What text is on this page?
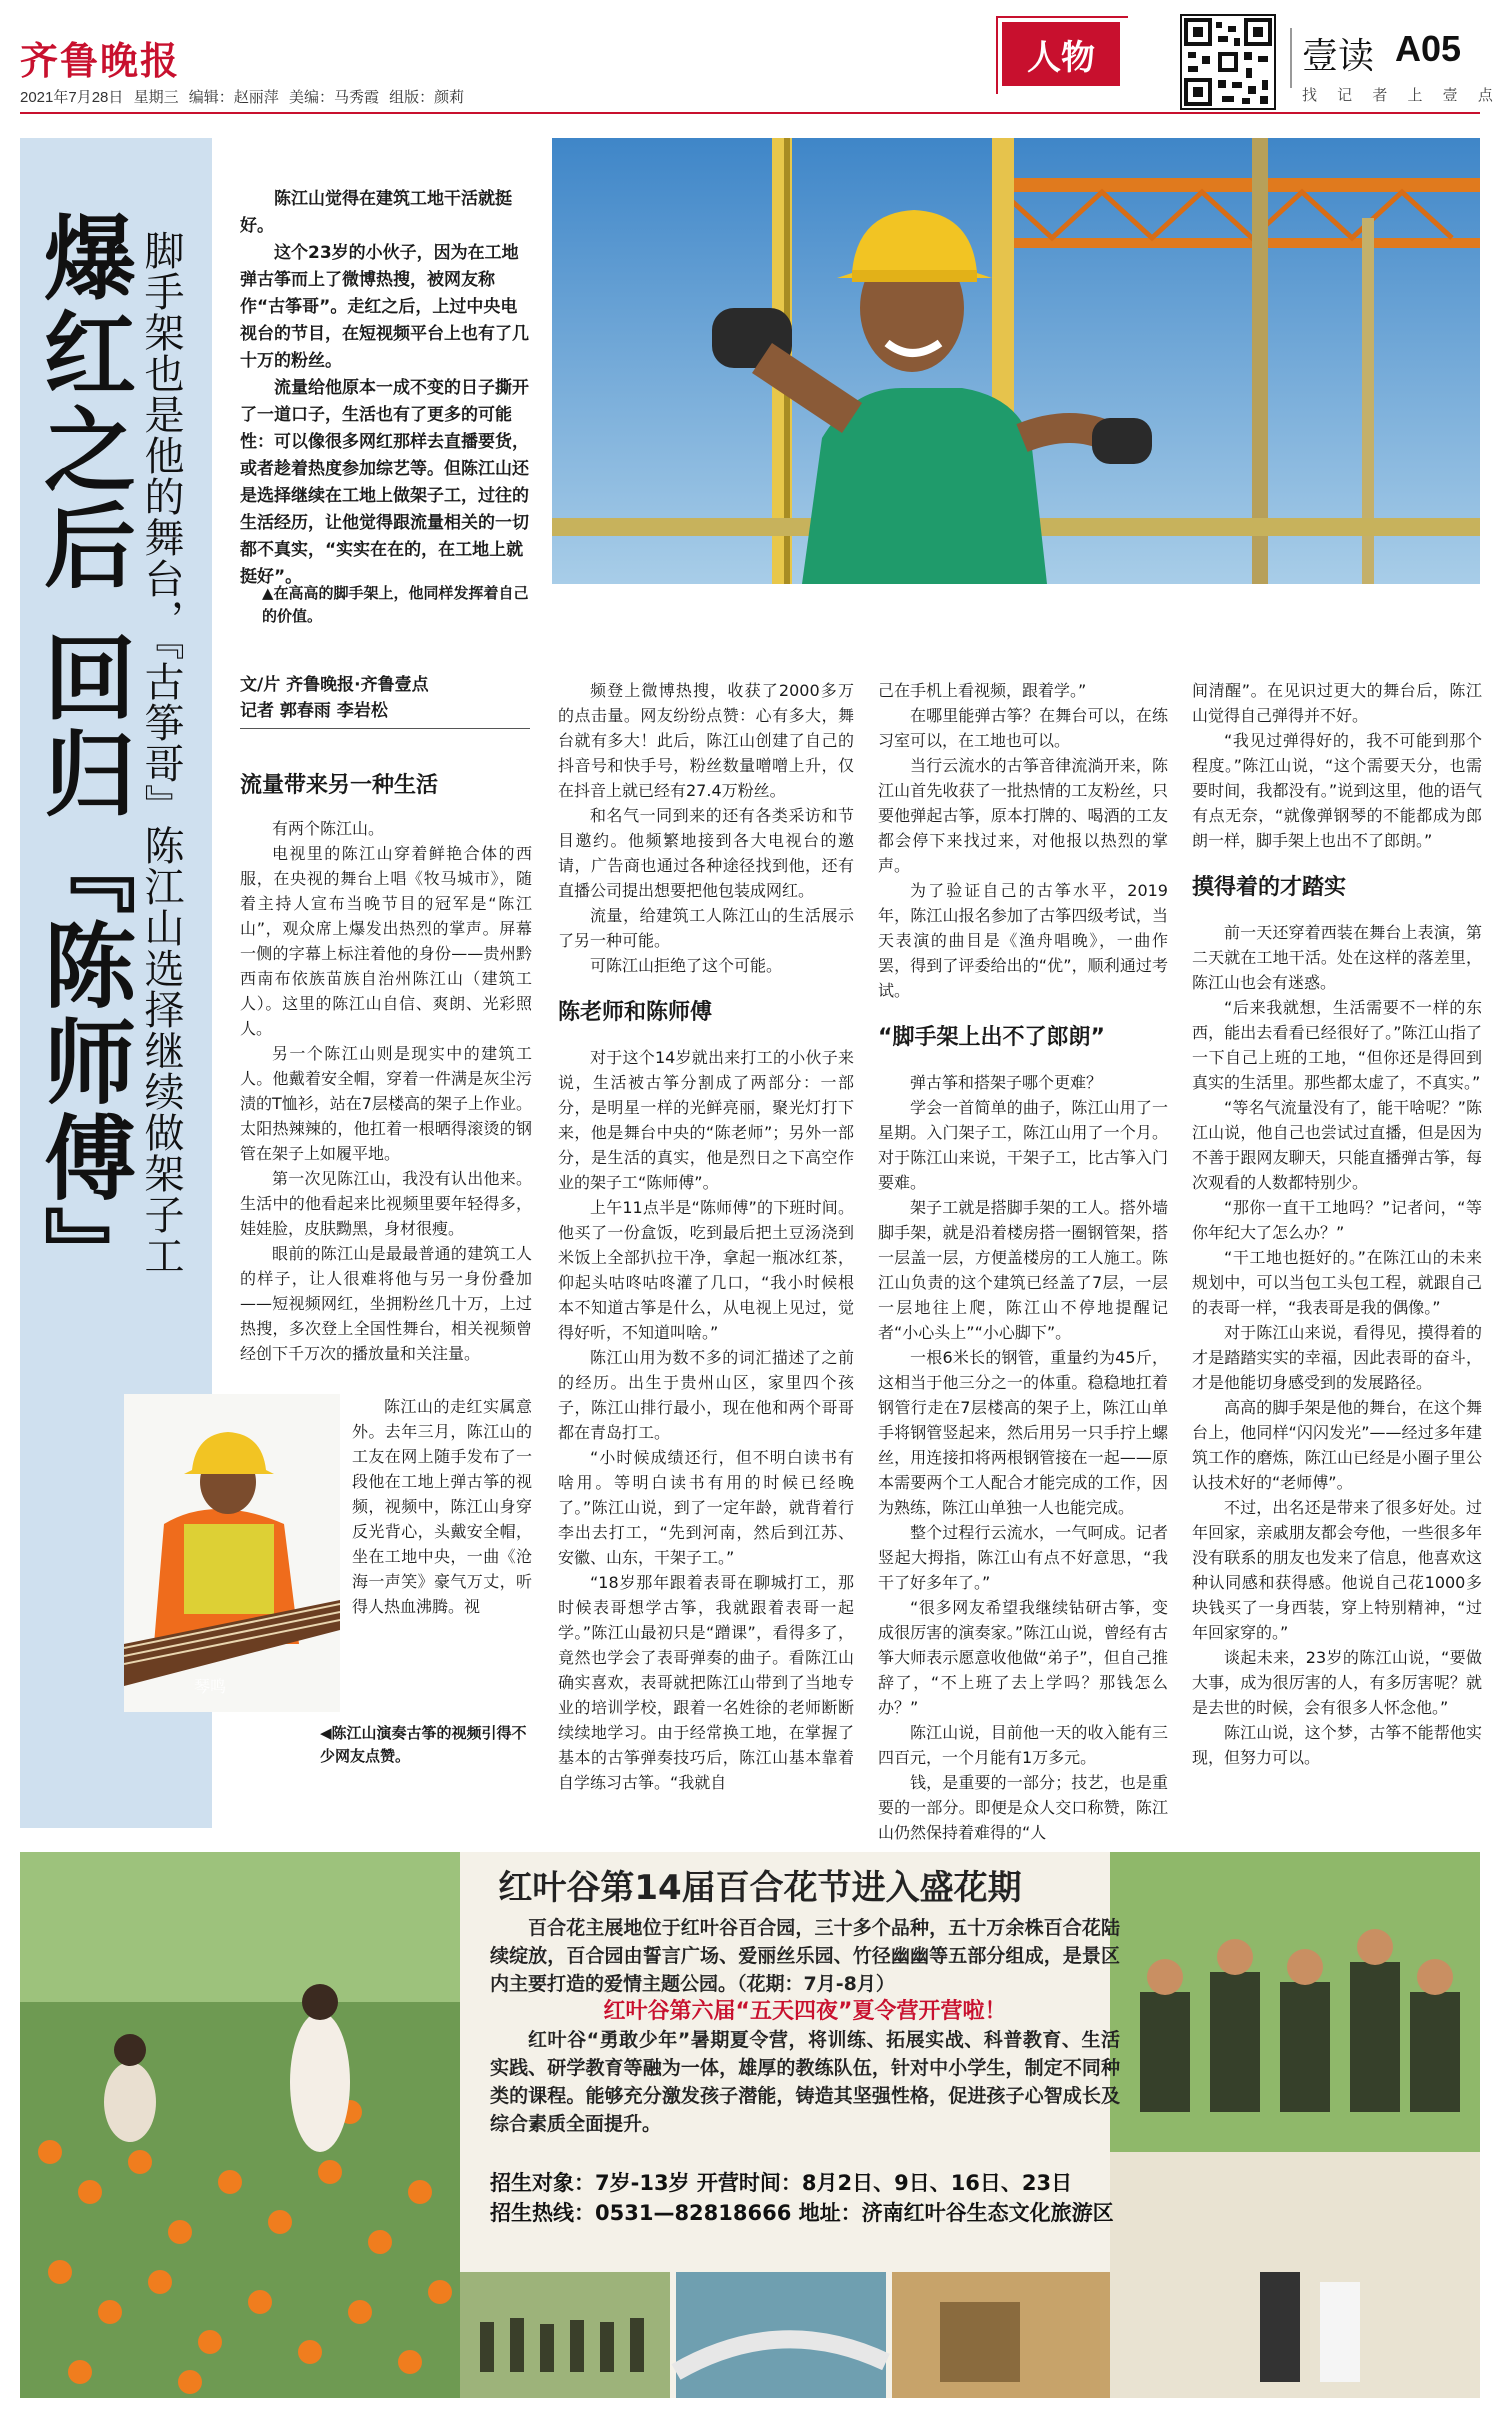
齐鲁晚报
2021年7月28日 星期三 编辑：赵丽萍 美编：马秀霞 组版：颜莉
人物	壹读 A05
找 记 者 上 壹 点
爆红之后 回归『陈师傅』 脚手架也是他的舞台，『古筝哥』陈江山选择继续做架子工

陈江山觉得在建筑工地干活就挺好。

这个23岁的小伙子，因为在工地弹古筝而上了微博热搜，被网友称作“古筝哥”。走红之后，上过中央电视台的节目，在短视频平台上也有了几十万的粉丝。

流量给他原本一成不变的日子撕开了一道口子，生活也有了更多的可能性：可以像很多网红那样去直播要货，或者趁着热度参加综艺等。但陈江山还是选择继续在工地上做架子工，过往的生活经历，让他觉得跟流量相关的一切都不真实，“实实在在的，在工地上就挺好”。

▲在高高的脚手架上，他同样发挥着自己的价值。
文/片 齐鲁晚报·齐鲁壹点
记者 郭春雨 李岩松
流量带来另一种生活

有两个陈江山。

电视里的陈江山穿着鲜艳合体的西服，在央视的舞台上唱《牧马城市》，随着主持人宣布当晚节目的冠军是“陈江山”，观众席上爆发出热烈的掌声。屏幕一侧的字幕上标注着他的身份——贵州黔西南布依族苗族自治州陈江山（建筑工人）。这里的陈江山自信、爽朗、光彩照人。

另一个陈江山则是现实中的建筑工人。他戴着安全帽，穿着一件满是灰尘污渍的T恤衫，站在7层楼高的架子上作业。太阳热辣辣的，他扛着一根晒得滚烫的钢管在架子上如履平地。

第一次见陈江山，我没有认出他来。生活中的他看起来比视频里要年轻得多，娃娃脸，皮肤黝黑，身材很瘦。

眼前的陈江山是最最普通的建筑工人的样子，让人很难将他与另一身份叠加——短视频网红，坐拥粉丝几十万，上过热搜，多次登上全国性舞台，相关视频曾经创下千万次的播放量和关注量。

陈江山的走红实属意外。去年三月，陈江山的工友在网上随手发布了一段他在工地上弹古筝的视频，视频中，陈江山身穿反光背心，头戴安全帽，坐在工地中央，一曲《沧海一声笑》豪气万丈，听得人热血沸腾。视

琴鸣
◀陈江山演奏古筝的视频引得不少网友点赞。

频登上微博热搜，收获了2000多万的点击量。网友纷纷点赞：心有多大，舞台就有多大！此后，陈江山创建了自己的抖音号和快手号，粉丝数量噌噌上升，仅在抖音上就已经有27.4万粉丝。

和名气一同到来的还有各类采访和节目邀约。他频繁地接到各大电视台的邀请，广告商也通过各种途径找到他，还有直播公司提出想要把他包装成网红。

流量，给建筑工人陈江山的生活展示了另一种可能。

可陈江山拒绝了这个可能。

陈老师和陈师傅

对于这个14岁就出来打工的小伙子来说，生活被古筝分割成了两部分：一部分，是明星一样的光鲜亮丽，聚光灯打下来，他是舞台中央的“陈老师”；另外一部分，是生活的真实，他是烈日之下高空作业的架子工“陈师傅”。

上午11点半是“陈师傅”的下班时间。他买了一份盒饭，吃到最后把土豆汤浇到米饭上全部扒拉干净，拿起一瓶冰红茶，仰起头咕咚咕咚灌了几口，“我小时候根本不知道古筝是什么，从电视上见过，觉得好听，不知道叫啥。”

陈江山用为数不多的词汇描述了之前的经历。出生于贵州山区，家里四个孩子，陈江山排行最小，现在他和两个哥哥都在青岛打工。

“小时候成绩还行，但不明白读书有啥用。等明白读书有用的时候已经晚了。”陈江山说，到了一定年龄，就背着行李出去打工，“先到河南，然后到江苏、安徽、山东，干架子工。”

“18岁那年跟着表哥在聊城打工，那时候表哥想学古筝，我就跟着表哥一起学。”陈江山最初只是“蹭课”，看得多了，竟然也学会了表哥弹奏的曲子。看陈江山确实喜欢，表哥就把陈江山带到了当地专业的培训学校，跟着一名姓徐的老师断断续续地学习。由于经常换工地，在掌握了基本的古筝弹奏技巧后，陈江山基本靠着自学练习古筝。“我就自

己在手机上看视频，跟着学。”

在哪里能弹古筝？在舞台可以，在练习室可以，在工地也可以。

当行云流水的古筝音律流淌开来，陈江山首先收获了一批热情的工友粉丝，只要他弹起古筝，原本打牌的、喝酒的工友都会停下来找过来，对他报以热烈的掌声。

为了验证自己的古筝水平，2019年，陈江山报名参加了古筝四级考试，当天表演的曲目是《渔舟唱晚》，一曲作罢，得到了评委给出的“优”，顺利通过考试。

“脚手架上出不了郎朗”

弹古筝和搭架子哪个更难？

学会一首简单的曲子，陈江山用了一星期。入门架子工，陈江山用了一个月。对于陈江山来说，干架子工，比古筝入门要难。

架子工就是搭脚手架的工人。搭外墙脚手架，就是沿着楼房搭一圈钢管架，搭一层盖一层，方便盖楼房的工人施工。陈江山负责的这个建筑已经盖了7层，一层一层地往上爬，陈江山不停地提醒记者“小心头上”“小心脚下”。

一根6米长的钢管，重量约为45斤，这相当于他三分之一的体重。稳稳地扛着钢管行走在7层楼高的架子上，陈江山单手将钢管竖起来，然后用另一只手拧上螺丝，用连接扣将两根钢管接在一起——原本需要两个工人配合才能完成的工作，因为熟练，陈江山单独一人也能完成。

整个过程行云流水，一气呵成。记者竖起大拇指，陈江山有点不好意思，“我干了好多年了。”

“很多网友希望我继续钻研古筝，变成很厉害的演奏家。”陈江山说，曾经有古筝大师表示愿意收他做“弟子”，但自己推辞了，“不上班了去上学吗？那钱怎么办？”

陈江山说，目前他一天的收入能有三四百元，一个月能有1万多元。

钱，是重要的一部分；技艺，也是重要的一部分。即便是众人交口称赞，陈江山仍然保持着难得的“人

间清醒”。在见识过更大的舞台后，陈江山觉得自己弹得并不好。

“我见过弹得好的，我不可能到那个程度。”陈江山说，“这个需要天分，也需要时间，我都没有。”说到这里，他的语气有点无奈，“就像弹钢琴的不能都成为郎朗一样，脚手架上也出不了郎朗。”

摸得着的才踏实

前一天还穿着西装在舞台上表演，第二天就在工地干活。处在这样的落差里，陈江山也会有迷惑。

“后来我就想，生活需要不一样的东西，能出去看看已经很好了。”陈江山指了一下自己上班的工地，“但你还是得回到真实的生活里。那些都太虚了，不真实。”

“等名气流量没有了，能干啥呢？”陈江山说，他自己也尝试过直播，但是因为不善于跟网友聊天，只能直播弹古筝，每次观看的人数都特别少。

“那你一直干工地吗？”记者问，“等你年纪大了怎么办？”

“干工地也挺好的。”在陈江山的未来规划中，可以当包工头包工程，就跟自己的表哥一样，“我表哥是我的偶像。”

对于陈江山来说，看得见，摸得着的才是踏踏实实的幸福，因此表哥的奋斗，才是他能切身感受到的发展路径。

高高的脚手架是他的舞台，在这个舞台上，他同样“闪闪发光”——经过多年建筑工作的磨炼，陈江山已经是小圈子里公认技术好的“老师傅”。

不过，出名还是带来了很多好处。过年回家，亲戚朋友都会夸他，一些很多年没有联系的朋友也发来了信息，他喜欢这种认同感和获得感。他说自己花1000多块钱买了一身西装，穿上特别精神，“过年回家穿的。”

谈起未来，23岁的陈江山说，“要做大事，成为很厉害的人，有多厉害呢？就是去世的时候，会有很多人怀念他。”

陈江山说，这个梦，古筝不能帮他实现，但努力可以。

红叶谷第14届百合花节进入盛花期

百合花主展地位于红叶谷百合园，三十多个品种，五十万余株百合花陆续绽放，百合园由誓言广场、爱丽丝乐园、竹径幽幽等五部分组成，是景区内主要打造的爱情主题公园。（花期：7月-8月）

红叶谷第六届“五天四夜”夏令营开营啦！

红叶谷“勇敢少年”暑期夏令营，将训练、拓展实战、科普教育、生活实践、研学教育等融为一体，雄厚的教练队伍，针对中小学生，制定不同种类的课程。能够充分激发孩子潜能，铸造其坚强性格，促进孩子心智成长及综合素质全面提升。

招生对象：7岁-13岁 开营时间：8月2日、9日、16日、23日
招生热线：0531—82818666 地址：济南红叶谷生态文化旅游区
